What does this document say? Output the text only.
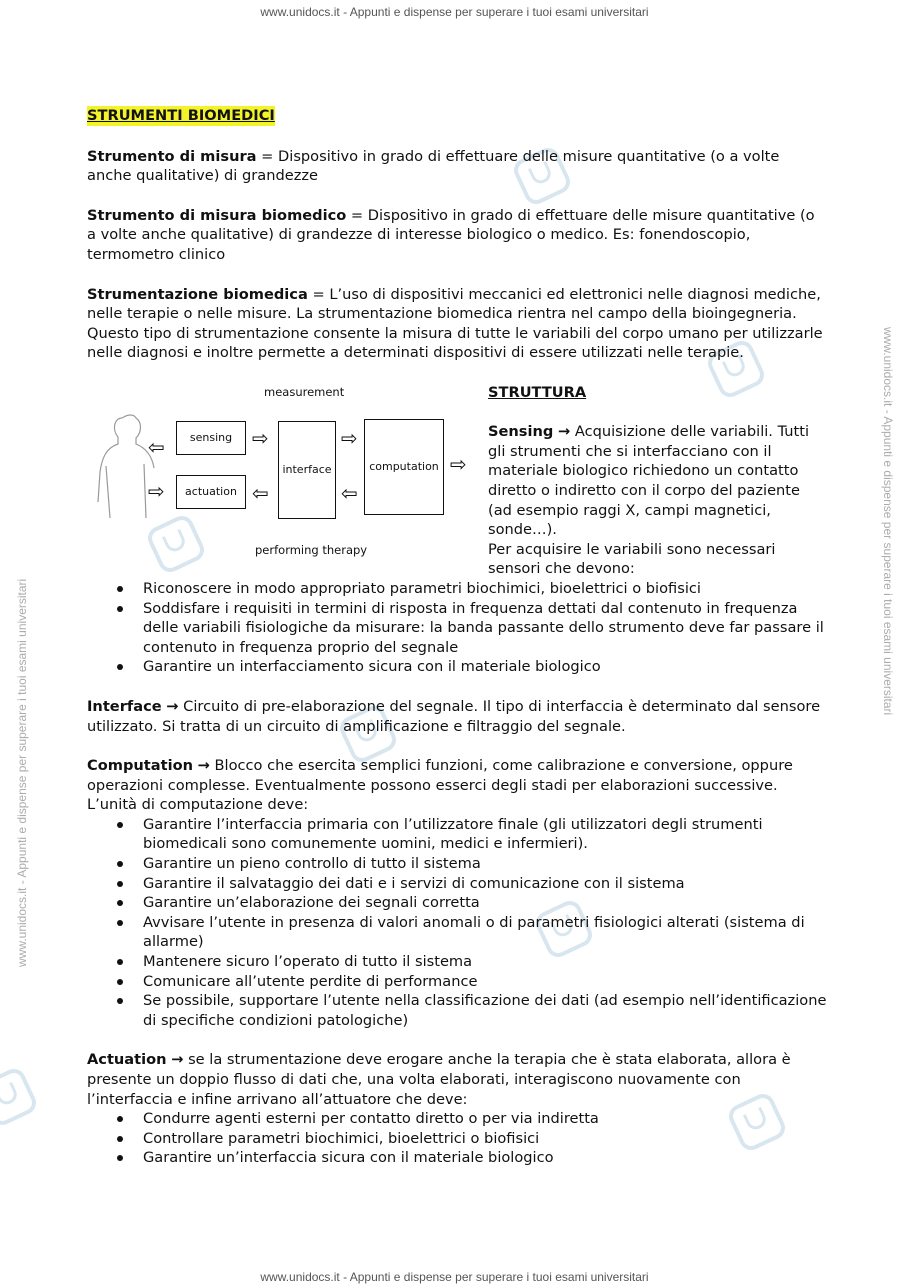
www.unidocs.it - Appunti e dispense per superare i tuoi esami universitari
www.unidocs.it - Appunti e dispense per superare i tuoi esami universitari
www.unidocs.it - Appunti e dispense per superare i tuoi esami universitari
www.unidocs.it - Appunti e dispense per superare i tuoi esami universitari
STRUMENTI BIOMEDICI

Strumento di misura = Dispositivo in grado di effettuare delle misure quantitative (o a volte anche qualitative) di grandezze

Strumento di misura biomedico = Dispositivo in grado di effettuare delle misure quantitative (o a volte anche qualitative) di grandezze di interesse biologico o medico. Es: fonendoscopio, termometro clinico

Strumentazione biomedica = L’uso di dispositivi meccanici ed elettronici nelle diagnosi mediche, nelle terapie o nelle misure. La strumentazione biomedica rientra nel campo della bioingegneria. Questo tipo di strumentazione consente la misura di tutte le variabili del corpo umano per utilizzarle nelle diagnosi e inoltre permette a determinati dispositivi di essere utilizzati nelle terapie.

measurement
sensing
actuation
interface	computation
performing therapy
⇨
⇦
⇨
⇦
⇨
⇦
⇨
STRUTTURA
Sensing → Acquisizione delle variabili. Tutti gli strumenti che si interfacciano con il materiale biologico richiedono un contatto diretto o indiretto con il corpo del paziente (ad esempio raggi X, campi magnetici, sonde…).
Per acquisire le variabili sono necessari sensori che devono:
Riconoscere in modo appropriato parametri biochimici, bioelettrici o biofisici
Soddisfare i requisiti in termini di risposta in frequenza dettati dal contenuto in frequenza delle variabili fisiologiche da misurare: la banda passante dello strumento deve far passare il contenuto in frequenza proprio del segnale
Garantire un interfacciamento sicura con il materiale biologico

Interface → Circuito di pre-elaborazione del segnale. Il tipo di interfaccia è determinato dal sensore utilizzato. Si tratta di un circuito di amplificazione e filtraggio del segnale.

Computation → Blocco che esercita semplici funzioni, come calibrazione e conversione, oppure operazioni complesse. Eventualmente possono esserci degli stadi per elaborazioni successive. L’unità di computazione deve:

Garantire l’interfaccia primaria con l’utilizzatore finale (gli utilizzatori degli strumenti biomedicali sono comunemente uomini, medici e infermieri).
Garantire un pieno controllo di tutto il sistema
Garantire il salvataggio dei dati e i servizi di comunicazione con il sistema
Garantire un’elaborazione dei segnali corretta
Avvisare l’utente in presenza di valori anomali o di parametri fisiologici alterati (sistema di allarme)
Mantenere sicuro l’operato di tutto il sistema
Comunicare all’utente perdite di performance
Se possibile, supportare l’utente nella classificazione dei dati (ad esempio nell’identificazione di specifiche condizioni patologiche)

Actuation → se la strumentazione deve erogare anche la terapia che è stata elaborata, allora è presente un doppio flusso di dati che, una volta elaborati, interagiscono nuovamente con l’interfaccia e infine arrivano all’attuatore che deve:

Condurre agenti esterni per contatto diretto o per via indiretta
Controllare parametri biochimici, bioelettrici o biofisici
Garantire un’interfaccia sicura con il materiale biologico
